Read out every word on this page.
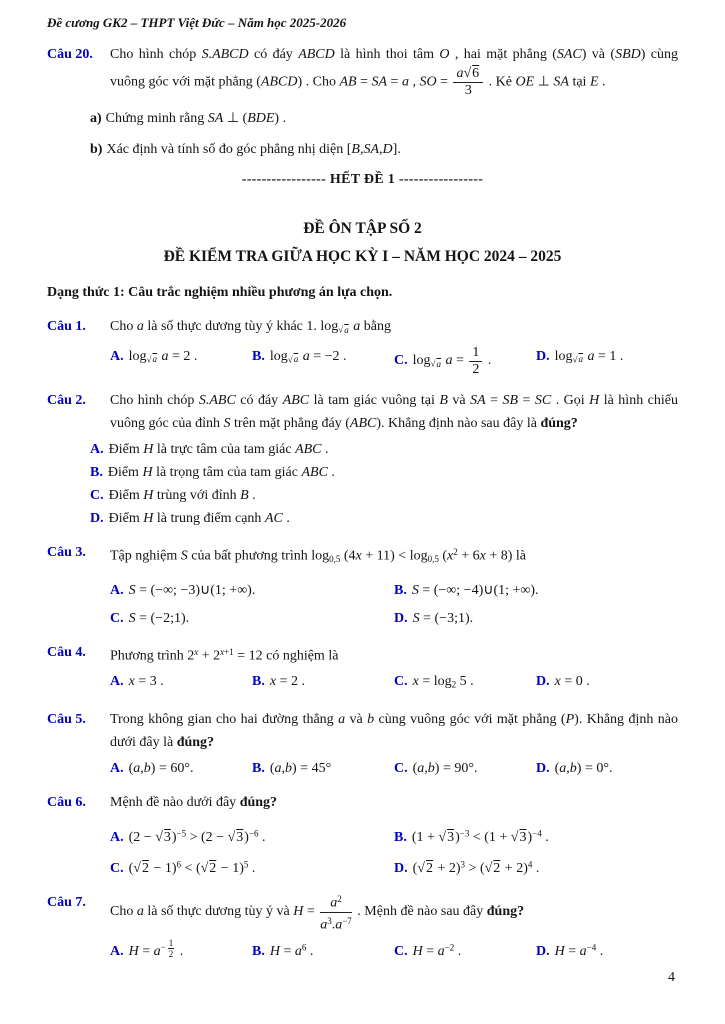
Đề cương GK2 – THPT Việt Đức – Năm học 2025-2026
Câu 20.	Cho hình chóp S.ABCD có đáy ABCD là hình thoi tâm O , hai mặt phẳng (SAC) và (SBD) cùng vuông góc với mặt phẳng (ABCD) . Cho AB = SA = a , SO = $\frac{a√6}{3}$ . Kẻ OE ⊥ SA tại E .
a) Chứng minh rằng SA ⊥ (BDE) .
b) Xác định và tính số đo góc phẳng nhị diện [B,SA,D].
----------------- HẾT ĐỀ 1 -----------------
ĐỀ ÔN TẬP SỐ 2
ĐỀ KIỂM TRA GIỮA HỌC KỲ I – NĂM HỌC 2024 – 2025
Dạng thức 1: Câu trắc nghiệm nhiều phương án lựa chọn.
Câu 1.	Cho a là số thực dương tùy ý khác 1. $\log_{√a} a$ bằng
A. $\log_{√a} a = 2$ .	B. $\log_{√a} a = -2$ .	C. $\log_{√a} a = \frac{1}{2}$ .	D. $\log_{√a} a = 1$ .
Câu 2.	Cho hình chóp S.ABC có đáy ABC là tam giác vuông tại B và SA = SB = SC . Gọi H là hình chiếu vuông góc của đỉnh S trên mặt phẳng đáy (ABC). Khẳng định nào sau đây là đúng?
A. Điểm H là trực tâm của tam giác ABC .
B. Điểm H là trọng tâm của tam giác ABC .
C. Điểm H trùng với đỉnh B .
D. Điểm H là trung điểm cạnh AC .
Câu 3.	Tập nghiệm S của bất phương trình $\log_{0,5} (4x + 11) < \log_{0,5} (x^2 + 6x + 8)$ là
A. S = (−∞; −3)∪(1; +∞).	B. S = (−∞; −4)∪(1; +∞).
C. S = (−2;1).	D. S = (−3;1).
Câu 4.	Phương trình $2^x + 2^{x+1} = 12$ có nghiệm là
A. x = 3 .	B. x = 2 .	C. $x = \log_2 5$ .	D. x = 0 .
Câu 5.	Trong không gian cho hai đường thẳng a và b cùng vuông góc với mặt phẳng (P). Khẳng định nào dưới đây là đúng?
A. (a,b) = 60°.	B. (a,b) = 45°	C. (a,b) = 90°.	D. (a,b) = 0°.
Câu 6.	Mệnh đề nào dưới đây đúng?
A. $(2 - √3)^{-5} > (2 - √3)^{-6}$ .	B. $(1 + √3)^{-3} < (1 + √3)^{-4}$ .
C. $(√2 - 1)^6 < (√2 - 1)^5$ .	D. $(√2 + 2)^3 > (√2 + 2)^4$ .
Câu 7.
Cho a là số thực dương tùy ý và $H = \frac{a^2}{a^3.a^{-7}}$ . Mệnh đề nào sau đây đúng?
A. $H = a^{- \frac{1}{2}}$ .	B. $H = a^6$ .	C. $H = a^{-2}$ .	D. $H = a^{-4}$ .
4
